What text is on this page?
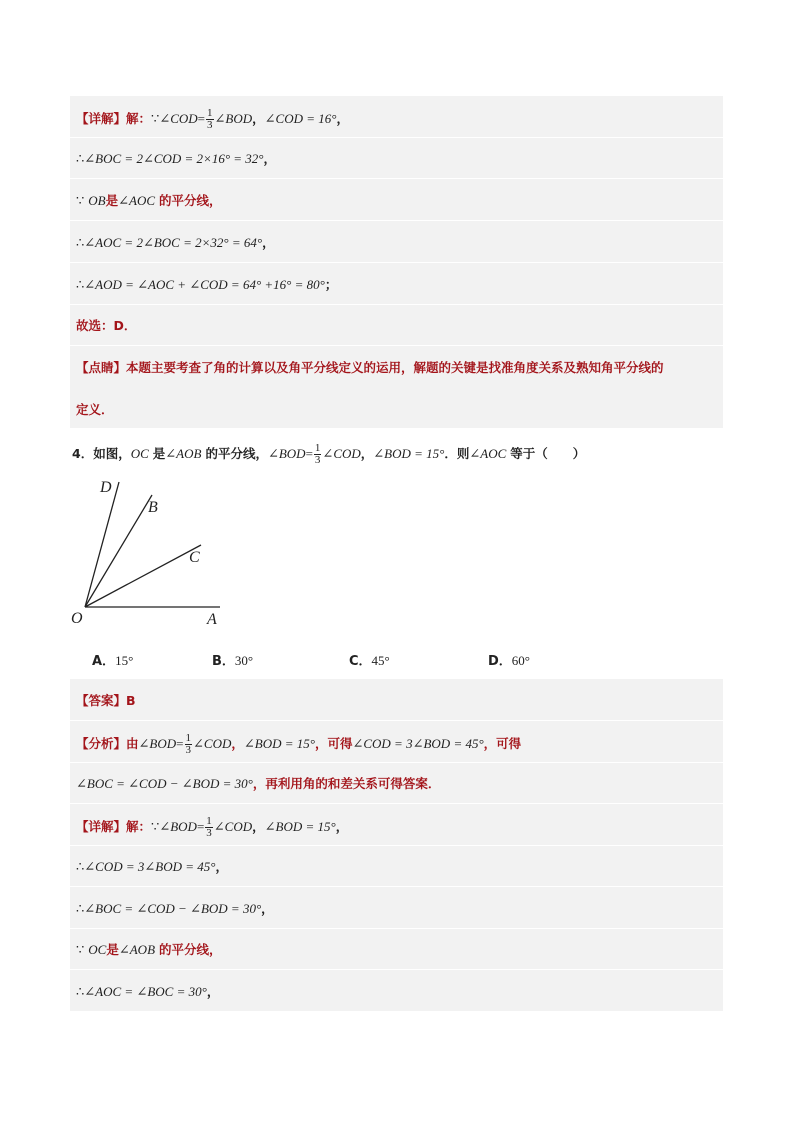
【详解】解：∵∠COD= $\frac{1}{3}$ ∠BOD，∠COD = 16°，
∴∠BOC = 2∠COD = 2×16° = 32°，
∵ OB是∠AOC 的平分线，
∴∠AOC = 2∠BOC = 2×32° = 64°，
∴∠AOD = ∠AOC + ∠COD = 64° +16° = 80°；
故选：D．
【点睛】本题主要考查了角的计算以及角平分线定义的运用，解题的关键是找准角度关系及熟知角平分线的
定义．
4．如图，OC 是∠AOB 的平分线，∠BOD= $\frac{1}{3}$ ∠COD，∠BOD = 15°．则∠AOC 等于（　　）
D
B
C
O	A
A．15°	B．30°	C．45°	D．60°
【答案】B
【分析】由∠BOD= $\frac{1}{3}$ ∠COD，∠BOD = 15°，可得∠COD = 3∠BOD = 45°，可得
∠BOC = ∠COD − ∠BOD = 30°，再利用角的和差关系可得答案．
【详解】解：∵∠BOD= $\frac{1}{3}$ ∠COD，∠BOD = 15°，
∴∠COD = 3∠BOD = 45°，
∴∠BOC = ∠COD − ∠BOD = 30°，
∵ OC是∠AOB 的平分线，
∴∠AOC = ∠BOC = 30°，
